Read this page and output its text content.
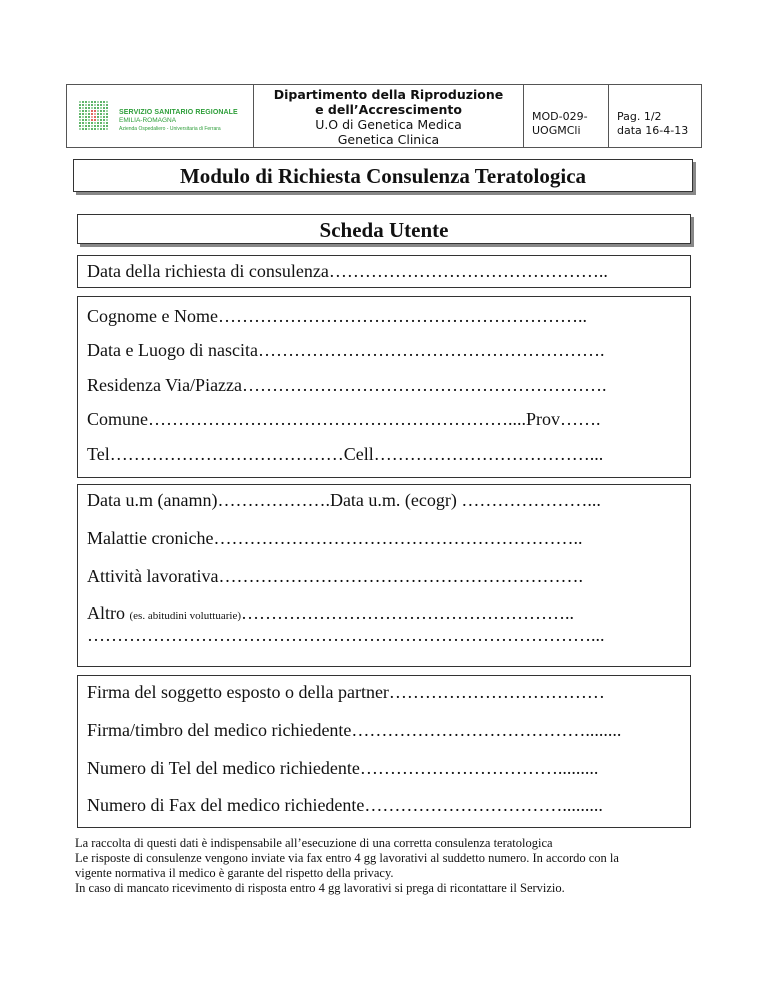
SERVIZIO SANITARIO REGIONALE
EMILIA-ROMAGNA
Azienda Ospedaliero - Universitaria di Ferrara
Dipartimento della Riproduzione
e dell’Accrescimento
U.O di Genetica Medica
Genetica Clinica
MOD-029-
UOGMCli
Pag. 1/2
data 16-4-13
Modulo di Richiesta Consulenza Teratologica
Scheda Utente
Data della richiesta di consulenza………………………………………..
Cognome e Nome……………………………………………………..
Data e Luogo di nascita………………………………………………….
Residenza Via/Piazza…………………………………………………….
Comune……………………………………………………....Prov…….
Tel…………………………………Cell………………………………...
Data u.m (anamn)……………….Data u.m. (ecogr) …………………...
Malattie croniche……………………………………………………..
Attività lavorativa…………………………………………………….
Altro (es. abitudini voluttuarie)………………………………………………..
…………………………………………………………………………...
Firma del soggetto esposto o della partner………………………………
Firma/timbro del medico richiedente…………………………………........
Numero di Tel del medico richiedente…………………………….........
Numero di Fax del medico richiedente…………………………….........
La raccolta di questi dati è indispensabile all’esecuzione di una corretta consulenza teratologica
Le risposte di consulenze vengono inviate via fax entro 4 gg lavorativi al suddetto numero. In accordo con la
vigente normativa il medico è garante del rispetto della privacy.
In caso di mancato ricevimento di risposta entro 4 gg lavorativi si prega di ricontattare il Servizio.
